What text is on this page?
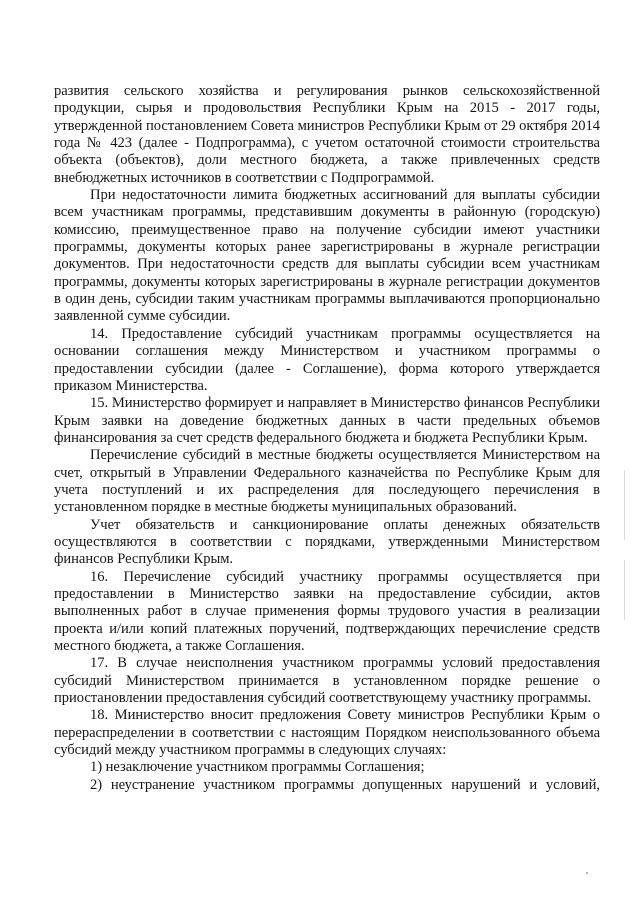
развития сельского хозяйства и регулирования рынков сельскохозяйственной продукции, сырья и продовольствия Республики Крым на 2015 - 2017 годы, утвержденной постановлением Совета министров Республики Крым от 29 октября 2014 года № 423 (далее - Подпрограмма), с учетом остаточной стоимости строительства объекта (объектов), доли местного бюджета, а также привлеченных средств внебюджетных источников в соответствии с Подпрограммой.

При недостаточности лимита бюджетных ассигнований для выплаты субсидии всем участникам программы, представившим документы в районную (городскую) комиссию, преимущественное право на получение субсидии имеют участники программы, документы которых ранее зарегистрированы в журнале регистрации документов. При недостаточности средств для выплаты субсидии всем участникам программы, документы которых зарегистрированы в журнале регистрации документов в один день, субсидии таким участникам программы выплачиваются пропорционально заявленной сумме субсидии.

14. Предоставление субсидий участникам программы осуществляется на основании соглашения между Министерством и участником программы о предоставлении субсидии (далее - Соглашение), форма которого утверждается приказом Министерства.

15. Министерство формирует и направляет в Министерство финансов Республики Крым заявки на доведение бюджетных данных в части предельных объемов финансирования за счет средств федерального бюджета и бюджета Республики Крым.

Перечисление субсидий в местные бюджеты осуществляется Министерством на счет, открытый в Управлении Федерального казначейства по Республике Крым для учета поступлений и их распределения для последующего перечисления в установленном порядке в местные бюджеты муниципальных образований.

Учет обязательств и санкционирование оплаты денежных обязательств осуществляются в соответствии с порядками, утвержденными Министерством финансов Республики Крым.

16. Перечисление субсидий участнику программы осуществляется при предоставлении в Министерство заявки на предоставление субсидии, актов выполненных работ в случае применения формы трудового участия в реализации проекта и/или копий платежных поручений, подтверждающих перечисление средств местного бюджета, а также Соглашения.

17. В случае неисполнения участником программы условий предоставления субсидий Министерством принимается в установленном порядке решение о приостановлении предоставления субсидий соответствующему участнику программы.

18. Министерство вносит предложения Совету министров Республики Крым о перераспределении в соответствии с настоящим Порядком неиспользованного объема субсидий между участником программы в следующих случаях:

1) незаключение участником программы Соглашения;

2) неустранение участником программы допущенных нарушений и условий,
